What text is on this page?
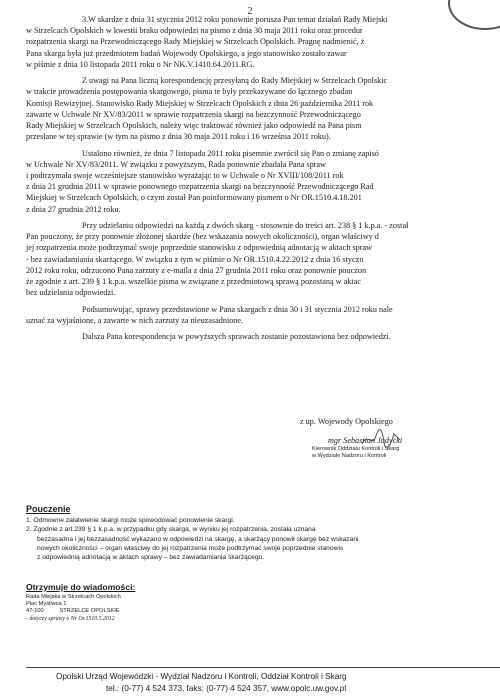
2

3.W skardze z dnia 31 stycznia 2012 roku ponownie porusza Pan temat działań Rady Miejski

w Strzelcach Opolskich w kwestii braku odpowiedzi na pismo z dnia 30 maja 2011 roku oraz procedur

rozpatrzenia skargi na Przewodniczącego Rady Miejskiej w Strzelcach Opolskich. Pragnę nadmienić, ż

Pana skarga była już przedmiotem badań Wojewody Opolskiego, a jego stanowisko zostało zawar

w piśmie z dnia 10 listopada 2011 roku o Nr NK.V.1410.64.2011.RG.

Z uwagi na Pana liczną korespondencję przesyłaną do Rady Miejskiej w Strzelcach Opolskic

w trakcie prowadzenia postępowania skargowego, pisma te były przekazywane do łącznego zbadan

Komisji Rewizyjnej. Stanowisko Rady Miejskiej w Strzelcach Opolskich z dnia 26 października 2011 rok

zawarte w Uchwale Nr XV/83/2011 w sprawie rozpatrzenia skargi na bezczynność Przewodniczącego

Rady Miejskiej w Strzelcach Opolskich, należy więc traktować również jako odpowiedź na Pana pism

przesłane w tej sprawie (w tym na pismo z dnia 30 maja 2011 roku i 16 września 2011 roku).

Ustalono również, że dnia 7 listopada 2011 roku pisemnie zwrócił się Pan o zmianę zapisó

w Uchwale Nr XV/83/2011. W związku z powyższym, Rada ponownie zbadała Pana spraw

i podtrzymała swoje wcześniejsze stanowisko wyrażając to w Uchwale o Nr XVIII/108/2011 rok

z dnia 21 grudnia 2011 w sprawie ponownego rozpatrzenia skargi na bezczynność Przewodniczącego Rad

Miejskiej w Strzelcach Opolskich, o czym został Pan poinformowany pismem o Nr OR.1510.4.18.201

z dnia 27 grudnia 2012 roku.

Przy udzielaniu odpowiedzi na każdą z dwóch skarg - stosownie do treści art. 238 § 1 k.p.a. - został

Pan pouczony, że przy ponownie złożonej skardze (bez wskazania nowych okoliczności), organ właściwy d

jej rozpatrzenia może podtrzymać swoje poprzednie stanowisko z odpowiednią adnotacją w aktach spraw

- bez zawiadamiania skarżącego. W związku z tym w piśmie o Nr OR.1510.4.22.2012 z dnia 16 styczn

2012 roku roku, odrzucono Pana zarzuty z e-maila z dnia 27 grudnia 2011 roku oraz ponownie pouczon

że zgodnie z art. 239 § 1 k.p.a. wszelkie pisma w związane z przedmiotową sprawą pozostaną w aktac

bez udzielania odpowiedzi.

Podsumowując, sprawy przedstawione w Pana skargach z dnia 30 i 31 stycznia 2012 roku nale

uznać za wyjaśnione, a zawarte w nich zarzuty za nieuzasadnione.

Dalsza Pana korespondencja w powyższych sprawach zostanie pozostawiona bez odpowiedzi.

z up. Wojewody Opolskiego
mgr Sebastian Judycki
Kierownik Oddziału Kontroli i Skarg
w Wydziale Nadzoru i Kontroli
Pouczenie
1. Odmowne załatwienie skargi może spowodować ponowienie skargi.
2. Zgodnie z art.239 § 1 k.p.a. w przypadku gdy skarga, w wyniku jej rozpatrzenia, została uznana
bezzasadna i jej bezzasadność wykazano w odpowiedzi na skargę, a skarżący ponowił skargę bez wskazani
nowych okoliczności – organ właściwy do jej rozpatrzenia może podtrzymać swoje poprzednie stanowis
z odpowiednią adnotacją w aktach sprawy – bez zawiadamiania skarżącego.
Otrzymuje do wiadomości:
Rada Miejska w Strzelcach Opolskich
Plac Myśliwca 1
47-100          STRZELCE OPOLSKIE
- dotyczy sprawy o Nr Or.1510.5.2012
Opolski Urząd Wojewódzki - Wydział Nadzoru i Kontroli, Oddział Kontroli i Skarg
tel.: (0-77) 4 524 373, faks: (0-77) 4 524 357, www.opolc.uw.gov.pl
